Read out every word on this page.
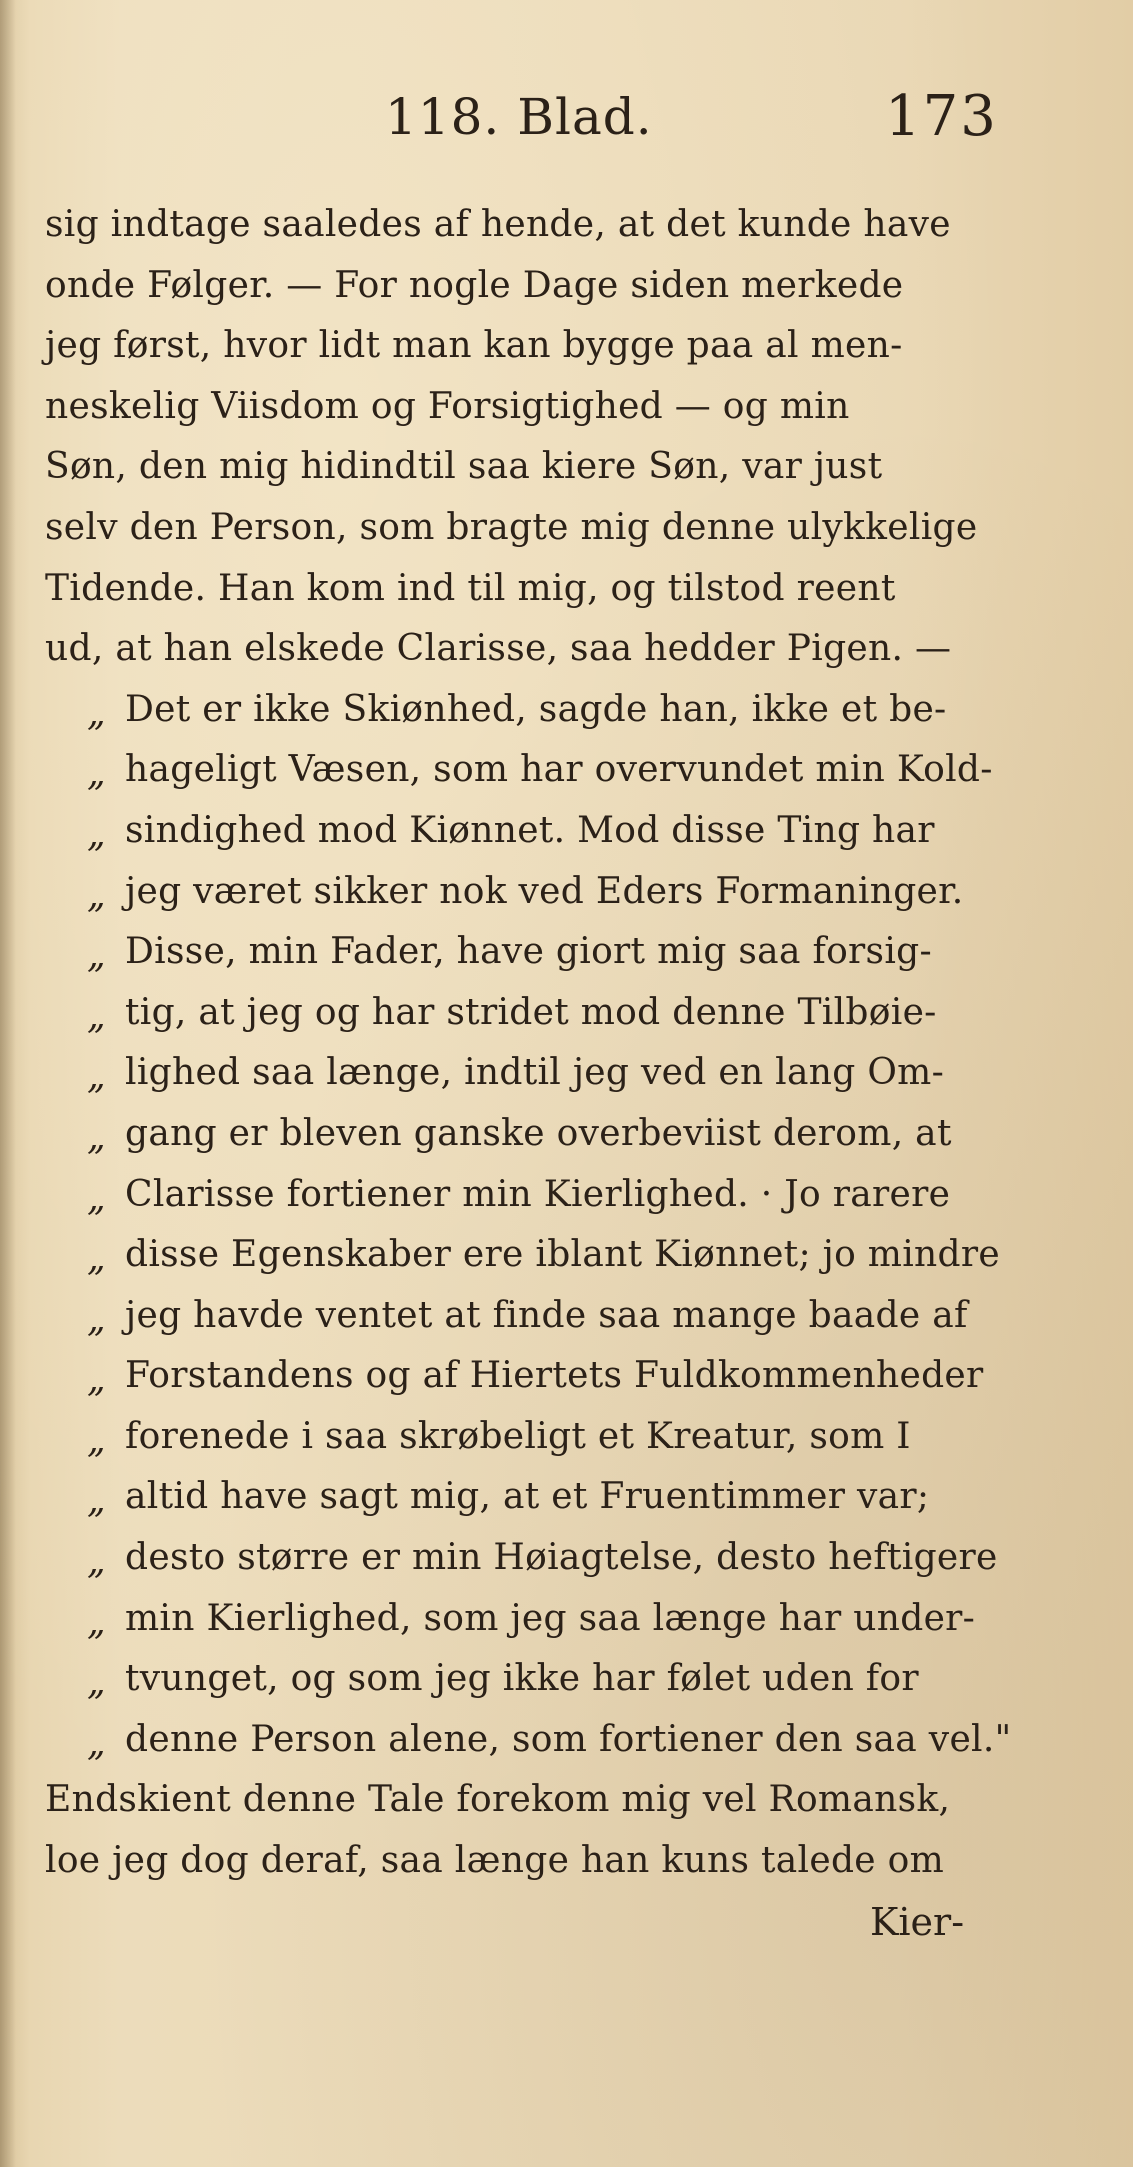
118. Blad.	173
sig indtage saaledes af hende, at det kunde have
onde Følger. — For nogle Dage siden merkede
jeg først, hvor lidt man kan bygge paa al men-
neskelig Viisdom og Forsigtighed — og min
Søn, den mig hidindtil saa kiere Søn, var just
selv den Person, som bragte mig denne ulykkelige
Tidende. Han kom ind til mig, og tilstod reent
ud, at han elskede Clarisse, saa hedder Pigen. —
„ Det er ikke Skiønhed, sagde han, ikke et be-
„ hageligt Væsen, som har overvundet min Kold-
„ sindighed mod Kiønnet. Mod disse Ting har
„ jeg været sikker nok ved Eders Formaninger.
„ Disse, min Fader, have giort mig saa forsig-
„ tig, at jeg og har stridet mod denne Tilbøie-
„ lighed saa længe, indtil jeg ved en lang Om-
„ gang er bleven ganske overbeviist derom, at
„ Clarisse fortiener min Kierlighed. · Jo rarere
„ disse Egenskaber ere iblant Kiønnet; jo mindre
„ jeg havde ventet at finde saa mange baade af
„ Forstandens og af Hiertets Fuldkommenheder
„ forenede i saa skrøbeligt et Kreatur, som I
„ altid have sagt mig, at et Fruentimmer var;
„ desto større er min Høiagtelse, desto heftigere
„ min Kierlighed, som jeg saa længe har under-
„ tvunget, og som jeg ikke har følet uden for
„ denne Person alene, som fortiener den saa vel."
Endskient denne Tale forekom mig vel Romansk,
loe jeg dog deraf, saa længe han kuns talede om
Kier-
